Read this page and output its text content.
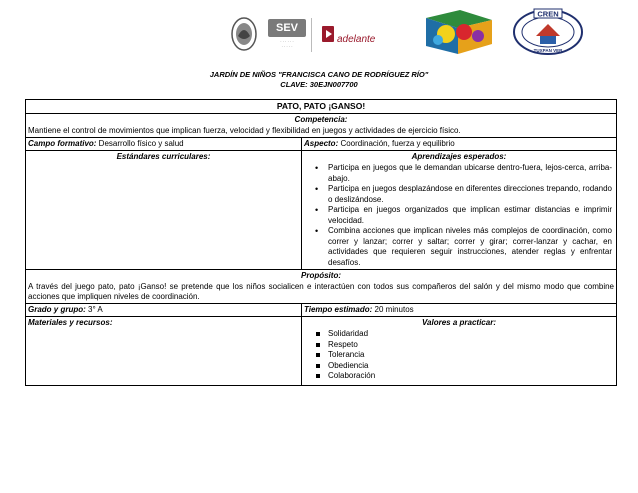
SEV
· · · · · ·
· · · · ·
adelante
CREN
TUXPAN VER
JARDÍN DE NIÑOS "FRANCISCA CANO DE RODRÍGUEZ RÍO"
CLAVE: 30EJN007700
PATO, PATO ¡GANSO!
Competencia:
Mantiene el control de movimientos que implican fuerza, velocidad y flexibilidad en juegos y actividades de ejercicio físico.
Campo formativo: Desarrollo físico y salud	Aspecto: Coordinación, fuerza y equilibrio
Estándares curriculares:	Aprendizajes esperados:
• Participa en juegos que le demandan ubicarse dentro-fuera, lejos-cerca, arriba-abajo.
• Participa en juegos desplazándose en diferentes direcciones trepando, rodando o deslizándose.
• Participa en juegos organizados que implican estimar distancias e imprimir velocidad.
• Combina acciones que implican niveles más complejos de coordinación, como correr y lanzar; correr y saltar; correr y girar; correr-lanzar y cachar, en actividades que requieren seguir instrucciones, atender reglas y enfrentar desafíos.
Propósito:
A través del juego pato, pato ¡Ganso! se pretende que los niños socialicen e interactúen con todos sus compañeros del salón y del mismo modo que combine acciones que impliquen niveles de coordinación.
Grado y grupo: 3° A	Tiempo estimado: 20 minutos
Materiales y recursos:	Valores a practicar:
Solidaridad
Respeto
Tolerancia
Obediencia
Colaboración
